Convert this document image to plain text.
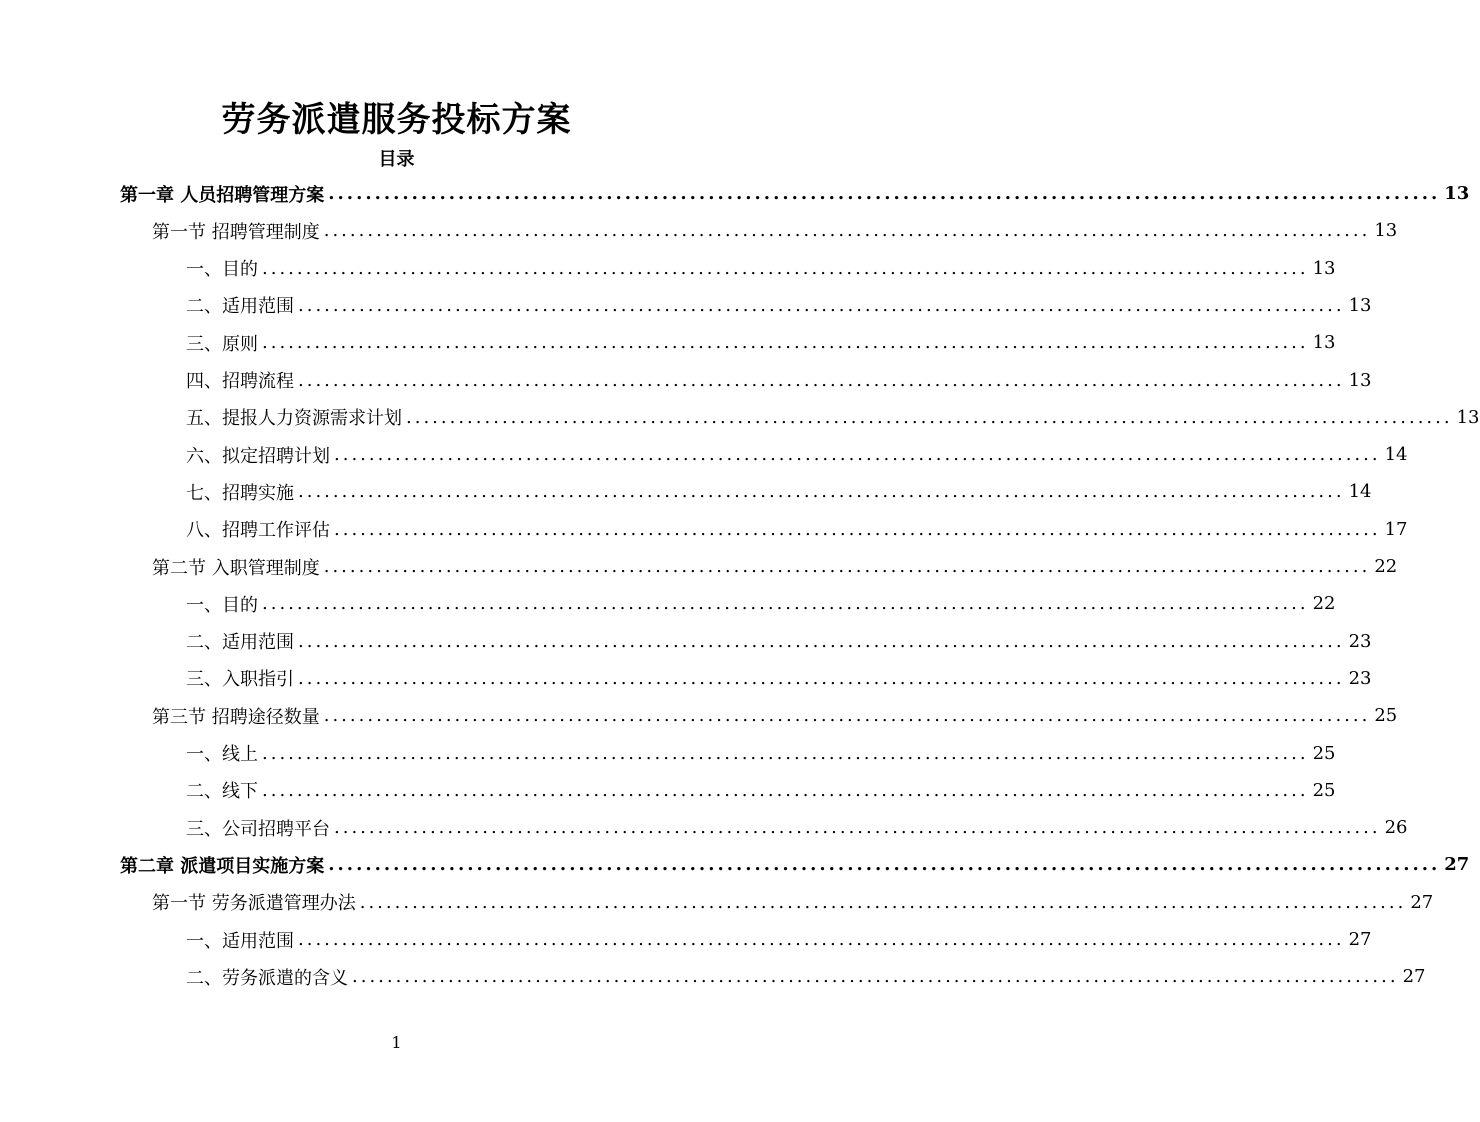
劳务派遣服务投标方案
目录
第一章 人员招聘管理方案 ........................................................................................................................ 13
第一节 招聘管理制度 ........................................................................................................................ 13
一、目的 ........................................................................................................................ 13
二、适用范围 ........................................................................................................................ 13
三、原则 ........................................................................................................................ 13
四、招聘流程 ........................................................................................................................ 13
五、提报人力资源需求计划 ........................................................................................................................ 13
六、拟定招聘计划 ........................................................................................................................ 14
七、招聘实施 ........................................................................................................................ 14
八、招聘工作评估 ........................................................................................................................ 17
第二节 入职管理制度 ........................................................................................................................ 22
一、目的 ........................................................................................................................ 22
二、适用范围 ........................................................................................................................ 23
三、入职指引 ........................................................................................................................ 23
第三节 招聘途径数量 ........................................................................................................................ 25
一、线上 ........................................................................................................................ 25
二、线下 ........................................................................................................................ 25
三、公司招聘平台 ........................................................................................................................ 26
第二章 派遣项目实施方案 ........................................................................................................................ 27
第一节 劳务派遣管理办法 ........................................................................................................................ 27
一、适用范围 ........................................................................................................................ 27
二、劳务派遣的含义 ........................................................................................................................ 27
1
